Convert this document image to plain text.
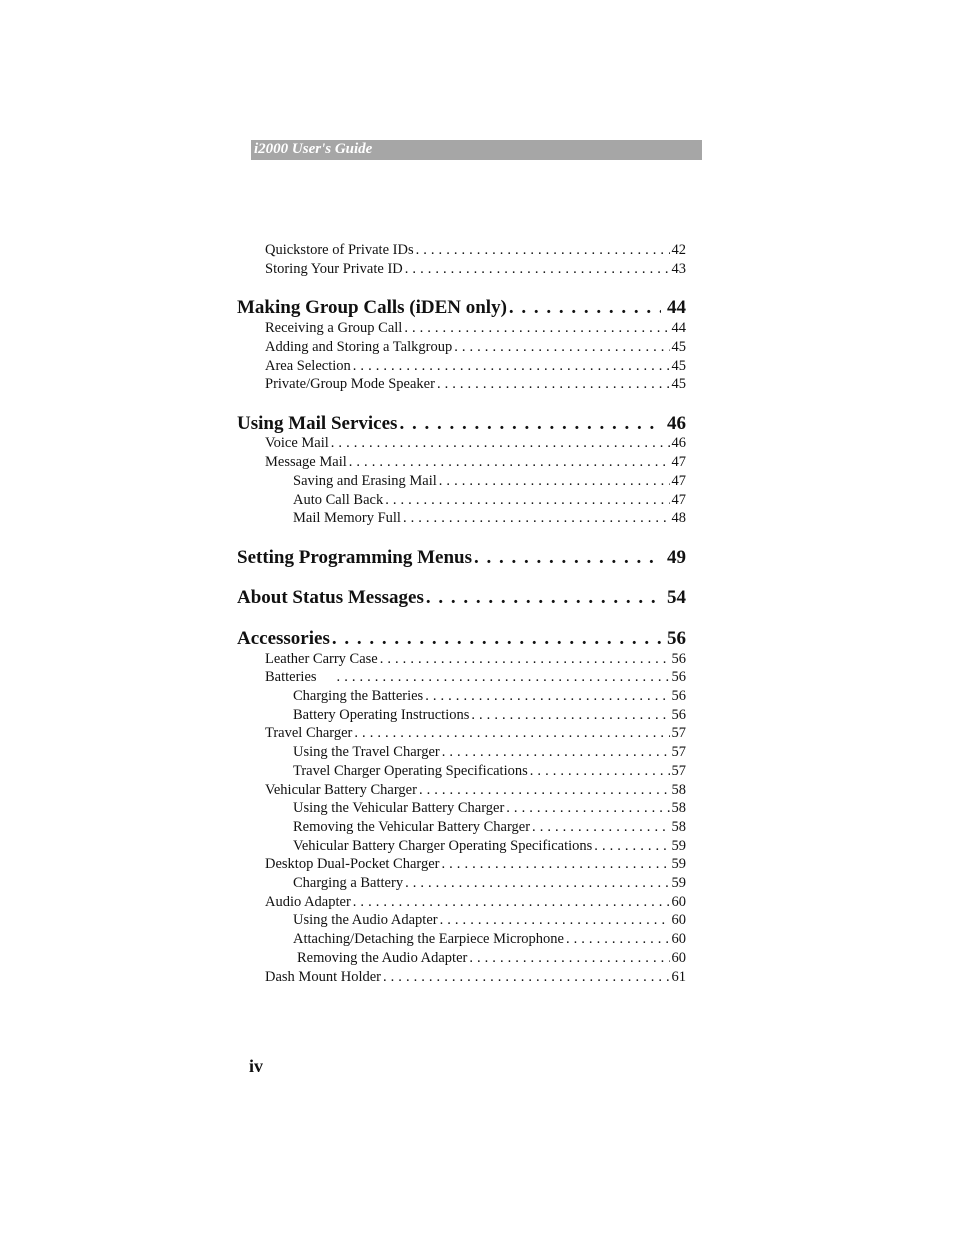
i2000 User's Guide
Quickstore of Private IDs . . .	42
Storing Your Private ID . . .	43
Making Group Calls (iDEN only) . . .	44
Receiving a Group Call . . .	44
Adding and Storing a Talkgroup . . .	45
Area Selection . . .	45
Private/Group Mode Speaker . . .	45
Using Mail Services . . .	46
Voice Mail . . .	46
Message Mail . . .	47
Saving and Erasing Mail . . .	47
Auto Call Back . . .	47
Mail Memory Full . . .	48
Setting Programming Menus . . .	49
About Status Messages . . .	54
Accessories . . .	56
Leather Carry Case . . .	56
Batteries . . .	56
Charging the Batteries . . .	56
Battery Operating Instructions . . .	56
Travel Charger . . .	57
Using the Travel Charger . . .	57
Travel Charger Operating Specifications . . .	57
Vehicular Battery Charger . . .	58
Using the Vehicular Battery Charger . . .	58
Removing the Vehicular Battery Charger . . .	58
Vehicular Battery Charger Operating Specifications . . .	59
Desktop Dual-Pocket Charger . . .	59
Charging a Battery . . .	59
Audio Adapter . . .	60
Using the Audio Adapter . . .	60
Attaching/Detaching the Earpiece Microphone . . .	60
Removing the Audio Adapter . . .	60
Dash Mount Holder . . .	61
iv
